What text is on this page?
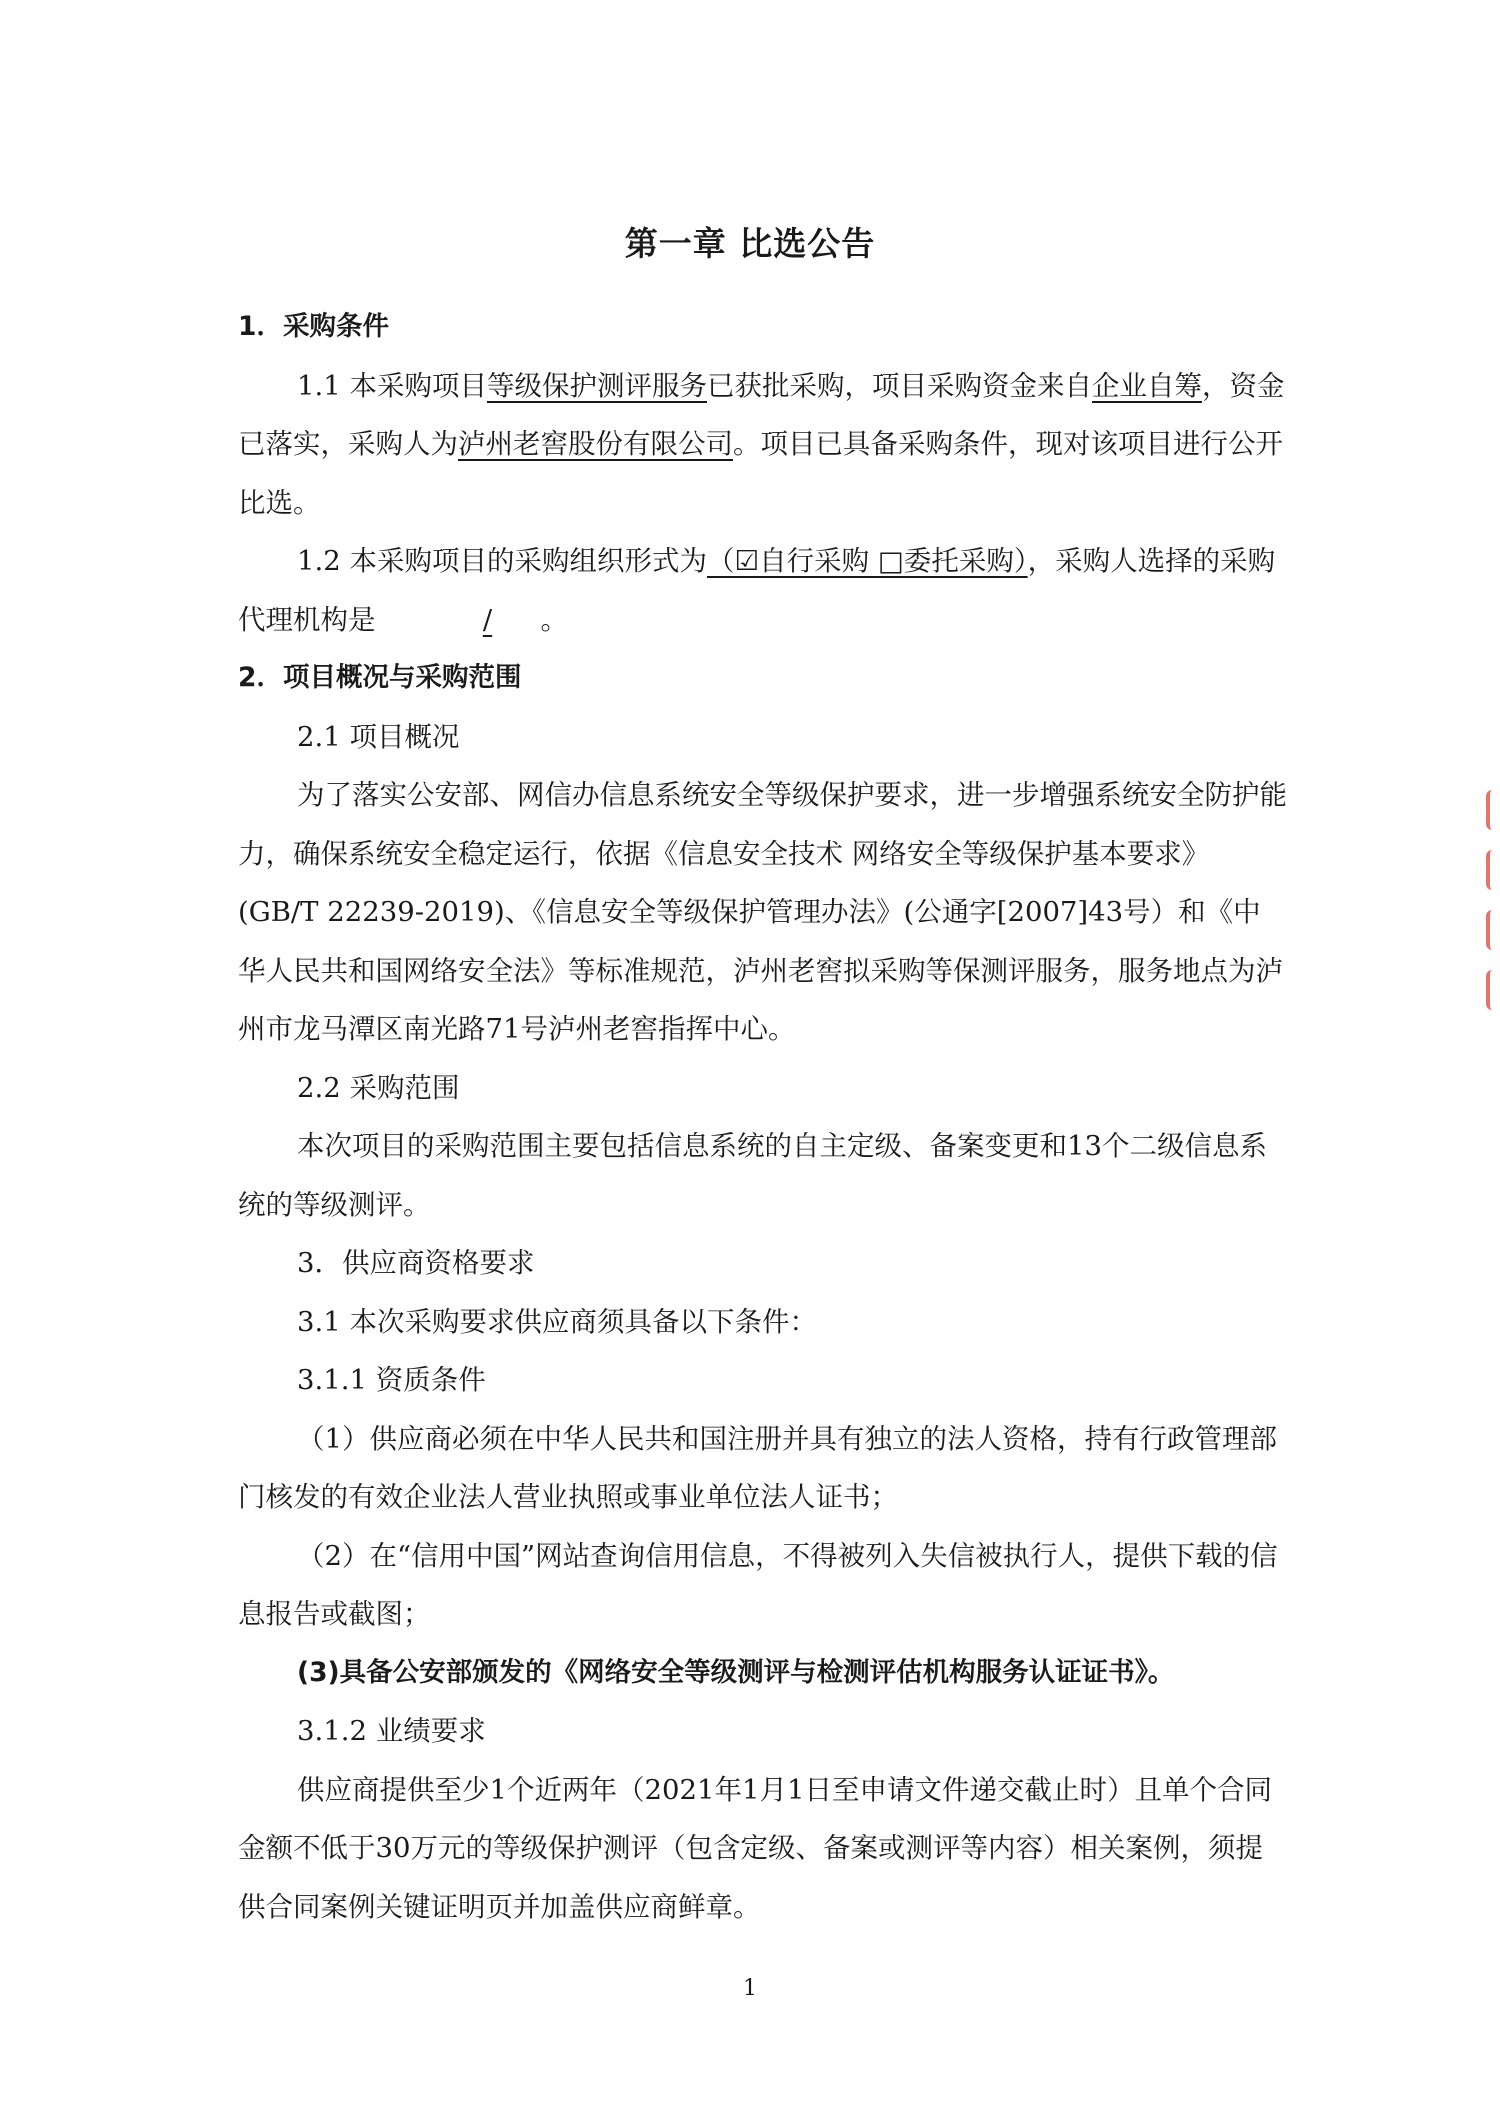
第一章 比选公告

1．采购条件

1.1 本采购项目等级保护测评服务已获批采购，项目采购资金来自企业自筹，资金已落实，采购人为泸州老窖股份有限公司。项目已具备采购条件，现对该项目进行公开比选。

1.2 本采购项目的采购组织形式为（☑自行采购 □委托采购），采购人选择的采购代理机构是	/ 。

2．项目概况与采购范围

2.1 项目概况

为了落实公安部、网信办信息系统安全等级保护要求，进一步增强系统安全防护能力，确保系统安全稳定运行，依据《信息安全技术 网络安全等级保护基本要求》(GB/T 22239-2019)、《信息安全等级保护管理办法》(公通字[2007]43号）和《中华人民共和国网络安全法》等标准规范，泸州老窖拟采购等保测评服务，服务地点为泸州市龙马潭区南光路71号泸州老窖指挥中心。

2.2 采购范围

本次项目的采购范围主要包括信息系统的自主定级、备案变更和13个二级信息系统的等级测评。

3．供应商资格要求

3.1 本次采购要求供应商须具备以下条件：

3.1.1 资质条件

（1）供应商必须在中华人民共和国注册并具有独立的法人资格，持有行政管理部门核发的有效企业法人营业执照或事业单位法人证书；

（2）在“信用中国”网站查询信用信息，不得被列入失信被执行人，提供下载的信息报告或截图；

(3)具备公安部颁发的《网络安全等级测评与检测评估机构服务认证证书》。

3.1.2 业绩要求

供应商提供至少1个近两年（2021年1月1日至申请文件递交截止时）且单个合同金额不低于30万元的等级保护测评（包含定级、备案或测评等内容）相关案例，须提供合同案例关键证明页并加盖供应商鲜章。

1
